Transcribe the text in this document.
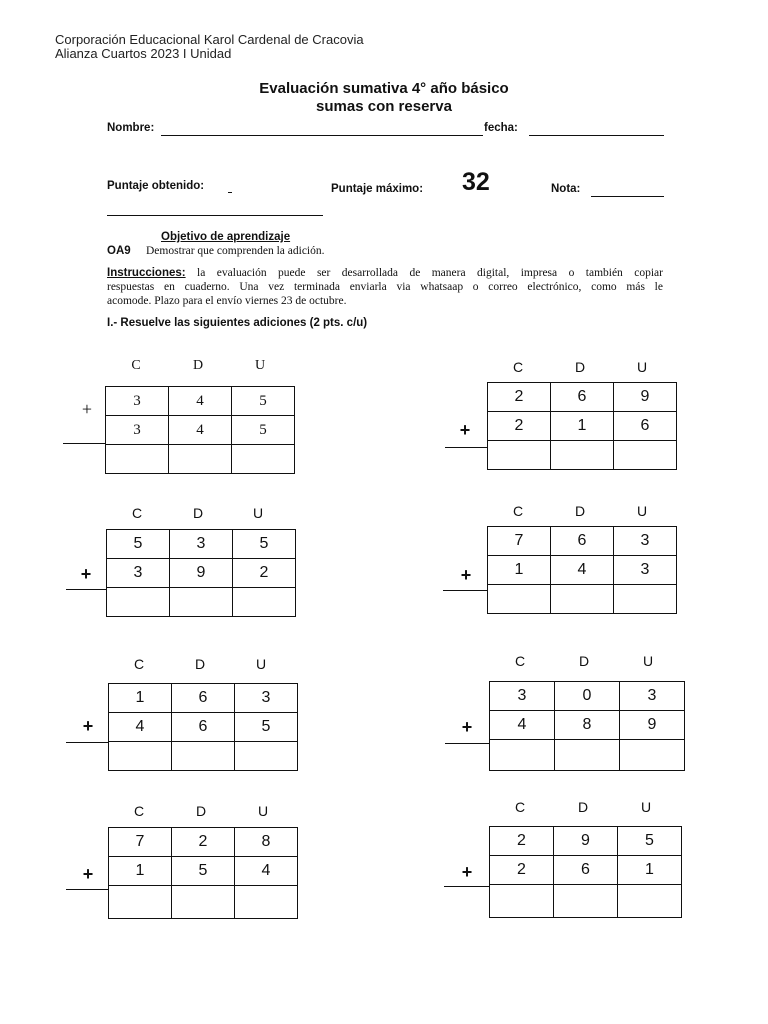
Corporación Educacional Karol Cardenal de Cracovia
Alianza Cuartos 2023 I Unidad
Evaluación sumativa 4° año básico
sumas con reserva
Nombre:	fecha:
Puntaje obtenido:	Puntaje máximo: 32	Nota:
Objetivo de aprendizaje
OA9 Demostrar que comprenden la adición.
Instrucciones: la evaluación puede ser desarrollada de manera digital, impresa o también copiar
respuestas en cuaderno. Una vez terminada enviarla via whatsaap o correo electrónico, como más le
acomode. Plazo para el envío viernes 23 de octubre.
I.- Resuelve las siguientes adiciones (2 pts. c/u)
C	D	U
+	3	4	5
3	4	5

C	D	U
+
2	6	9
2	1	6

C	D	U
+
5	3	5
3	9	2

C	D	U
+
7	6	3
1	4	3

C	D	U
+
1	6	3
4	6	5

C	D	U
+
3	0	3
4	8	9

C	D	U
+
7	2	8
1	5	4

C	D	U
+
2	9	5
2	6	1
